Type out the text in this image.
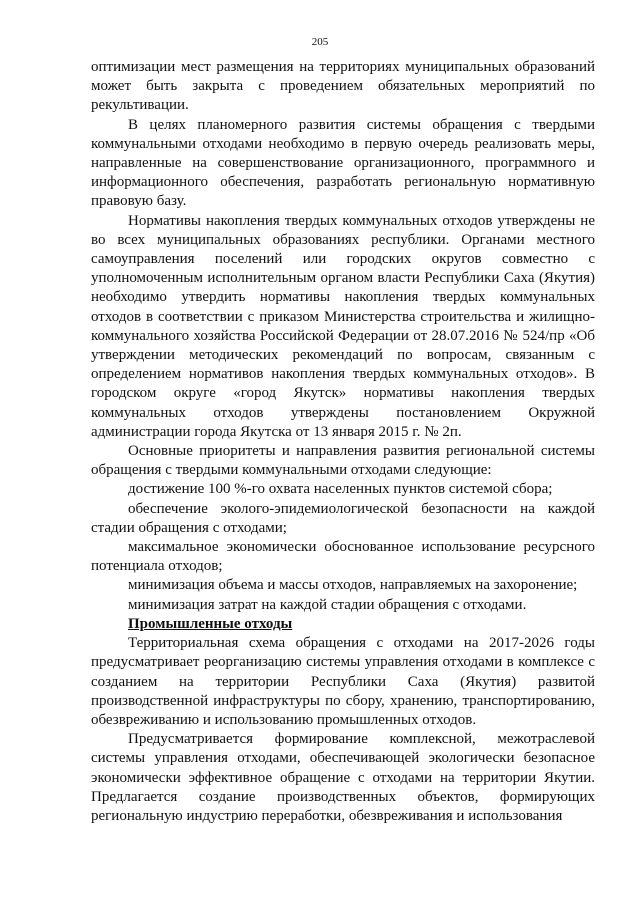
205

оптимизации мест размещения на территориях муниципальных образований может быть закрыта с проведением обязательных мероприятий по рекультивации.

В целях планомерного развития системы обращения с твердыми коммунальными отходами необходимо в первую очередь реализовать меры, направленные на совершенствование организационного, программного и информационного обеспечения, разработать региональную нормативную правовую базу.

Нормативы накопления твердых коммунальных отходов утверждены не во всех муниципальных образованиях республики. Органами местного самоуправления поселений или городских округов совместно с уполномоченным исполнительным органом власти Республики Саха (Якутия) необходимо утвердить нормативы накопления твердых коммунальных отходов в соответствии с приказом Министерства строительства и жилищно-коммунального хозяйства Российской Федерации от 28.07.2016 № 524/пр «Об утверждении методических рекомендаций по вопросам, связанным с определением нормативов накопления твердых коммунальных отходов». В городском округе «город Якутск» нормативы накопления твердых коммунальных отходов утверждены постановлением Окружной администрации города Якутска от 13 января 2015 г. № 2п.

Основные приоритеты и направления развития региональной системы обращения с твердыми коммунальными отходами следующие:

достижение 100 %-го охвата населенных пунктов системой сбора;

обеспечение эколого-эпидемиологической безопасности на каждой стадии обращения с отходами;

максимальное экономически обоснованное использование ресурсного потенциала отходов;

минимизация объема и массы отходов, направляемых на захоронение;

минимизация затрат на каждой стадии обращения с отходами.

Промышленные отходы

Территориальная схема обращения с отходами на 2017-2026 годы предусматривает реорганизацию системы управления отходами в комплексе с созданием на территории Республики Саха (Якутия) развитой производственной инфраструктуры по сбору, хранению, транспортированию, обезвреживанию и использованию промышленных отходов.

Предусматривается формирование комплексной, межотраслевой системы управления отходами, обеспечивающей экологически безопасное экономически эффективное обращение с отходами на территории Якутии. Предлагается создание производственных объектов, формирующих региональную индустрию переработки, обезвреживания и использования
